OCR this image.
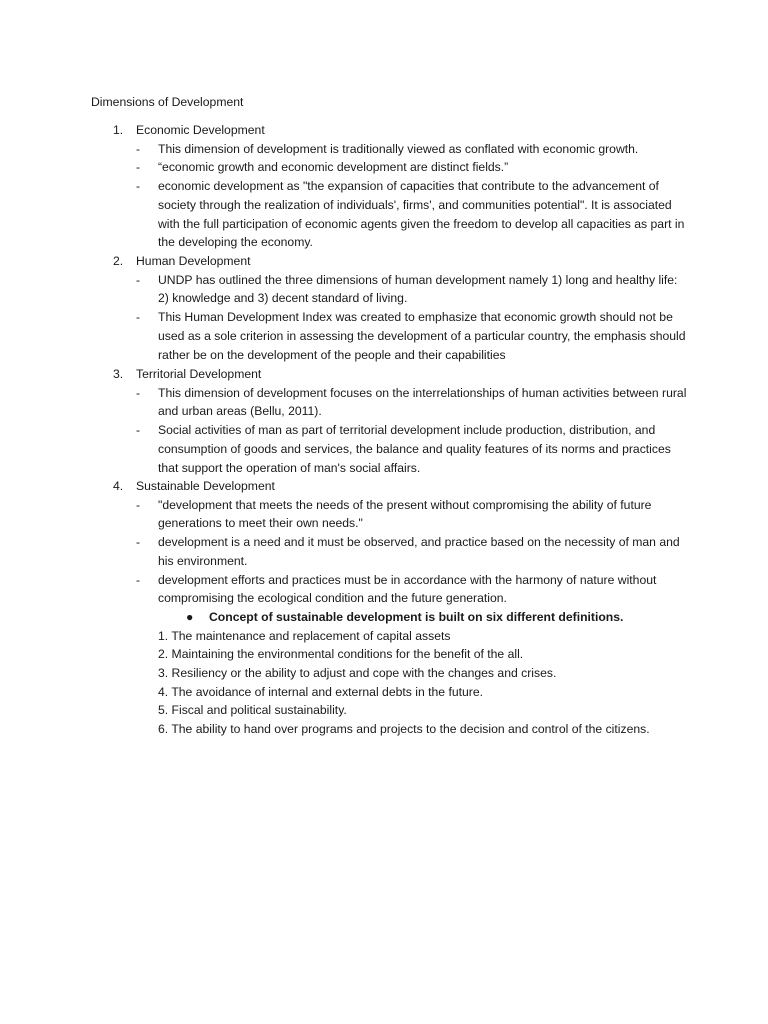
Dimensions of Development
1. Economic Development
- This dimension of development is traditionally viewed as conflated with economic growth.
- “economic growth and economic development are distinct fields.”
- economic development as "the expansion of capacities that contribute to the advancement of society through the realization of individuals', firms', and communities potential". It is associated with the full participation of economic agents given the freedom to develop all capacities as part in the developing the economy.
2. Human Development
- UNDP has outlined the three dimensions of human development namely 1) long and healthy life: 2) knowledge and 3) decent standard of living.
- This Human Development Index was created to emphasize that economic growth should not be used as a sole criterion in assessing the development of a particular country, the emphasis should rather be on the development of the people and their capabilities
3. Territorial Development
- This dimension of development focuses on the interrelationships of human activities between rural and urban areas (Bellu, 2011).
- Social activities of man as part of territorial development include production, distribution, and consumption of goods and services, the balance and quality features of its norms and practices that support the operation of man's social affairs.
4. Sustainable Development
- "development that meets the needs of the present without compromising the ability of future generations to meet their own needs."
- development is a need and it must be observed, and practice based on the necessity of man and his environment.
- development efforts and practices must be in accordance with the harmony of nature without compromising the ecological condition and the future generation.
● Concept of sustainable development is built on six different definitions.
1. The maintenance and replacement of capital assets
2. Maintaining the environmental conditions for the benefit of the all.
3. Resiliency or the ability to adjust and cope with the changes and crises.
4. The avoidance of internal and external debts in the future.
5. Fiscal and political sustainability.
6. The ability to hand over programs and projects to the decision and control of the citizens.
